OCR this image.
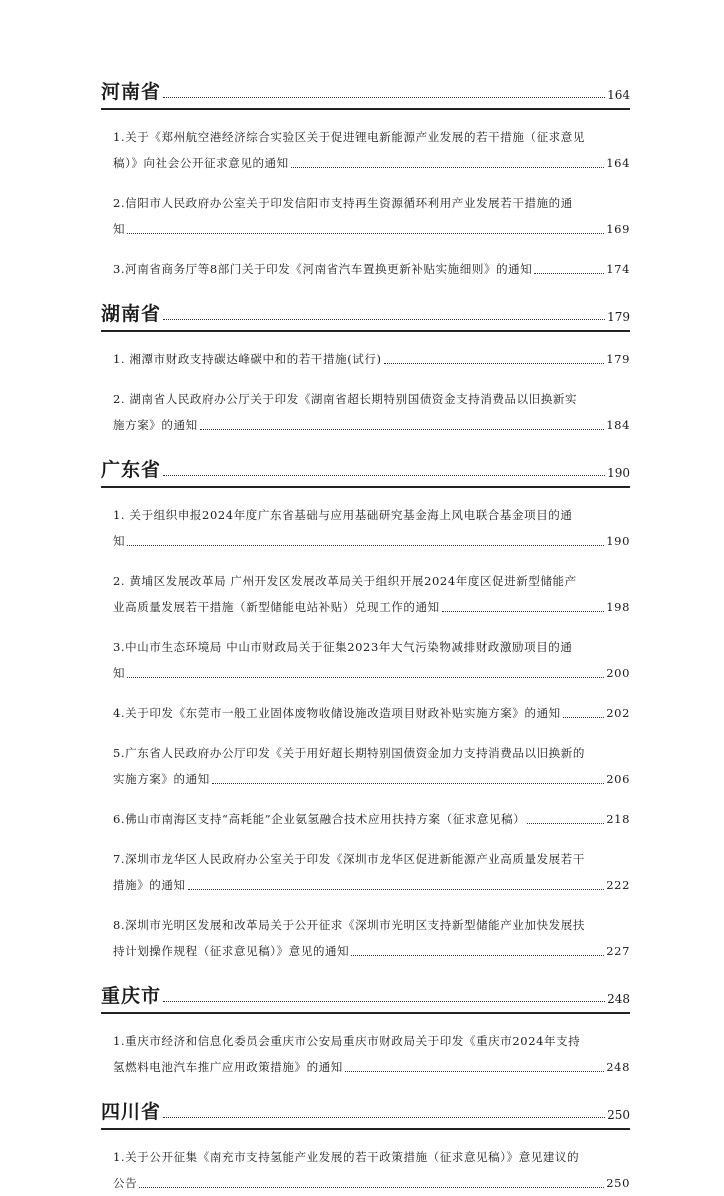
河南省	164
1.关于《郑州航空港经济综合实验区关于促进锂电新能源产业发展的若干措施（征求意见
稿）》向社会公开征求意见的通知	164
2.信阳市人民政府办公室关于印发信阳市支持再生资源循环利用产业发展若干措施的通
知	169
3.河南省商务厅等8部门关于印发《河南省汽车置换更新补贴实施细则》的通知	174
湖南省	179
1. 湘潭市财政支持碳达峰碳中和的若干措施(试行)	179
2. 湖南省人民政府办公厅关于印发《湖南省超长期特别国债资金支持消费品以旧换新实
施方案》的通知	184
广东省	190
1. 关于组织申报2024年度广东省基础与应用基础研究基金海上风电联合基金项目的通
知	190
2. 黄埔区发展改革局 广州开发区发展改革局关于组织开展2024年度区促进新型储能产
业高质量发展若干措施（新型储能电站补贴）兑现工作的通知	198
3.中山市生态环境局 中山市财政局关于征集2023年大气污染物减排财政激励项目的通
知	200
4.关于印发《东莞市一般工业固体废物收储设施改造项目财政补贴实施方案》的通知	202
5.广东省人民政府办公厅印发《关于用好超长期特别国债资金加力支持消费品以旧换新的
实施方案》的通知	206
6.佛山市南海区支持“高耗能”企业氨氢融合技术应用扶持方案（征求意见稿）	218
7.深圳市龙华区人民政府办公室关于印发《深圳市龙华区促进新能源产业高质量发展若干
措施》的通知	222
8.深圳市光明区发展和改革局关于公开征求《深圳市光明区支持新型储能产业加快发展扶
持计划操作规程（征求意见稿）》意见的通知	227
重庆市	248
1.重庆市经济和信息化委员会重庆市公安局重庆市财政局关于印发《重庆市2024年支持
氢燃料电池汽车推广应用政策措施》的通知	248
四川省	250
1.关于公开征集《南充市支持氢能产业发展的若干政策措施（征求意见稿）》意见建议的
公告	250
